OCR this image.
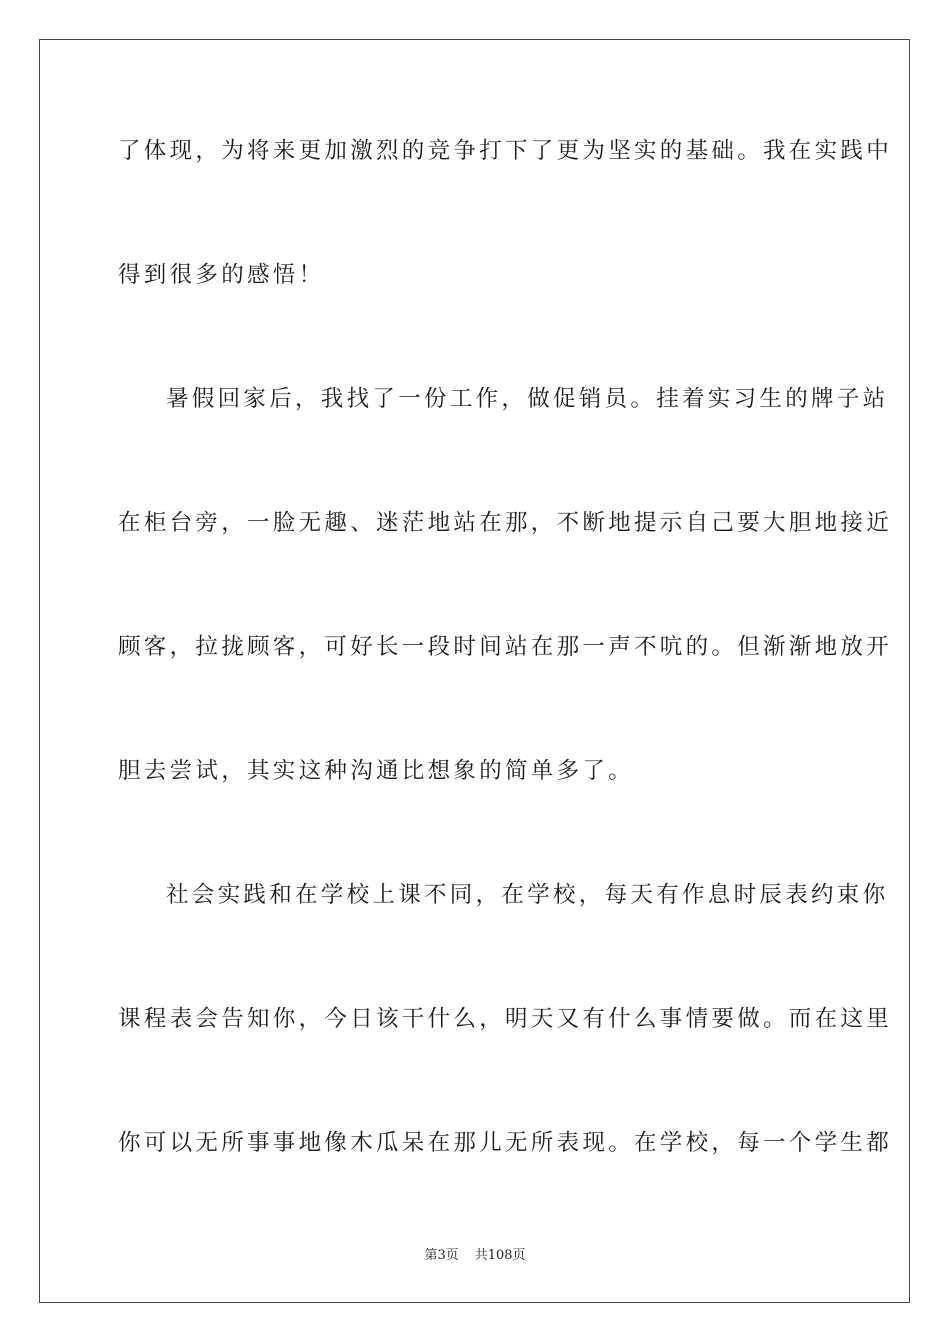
了体现，为将来更加激烈的竞争打下了更为坚实的基础。我在实践中
得到很多的感悟！
暑假回家后，我找了一份工作，做促销员。挂着实习生的牌子站
在柜台旁，一脸无趣、迷茫地站在那，不断地提示自己要大胆地接近
顾客，拉拢顾客，可好长一段时间站在那一声不吭的。但渐渐地放开
胆去尝试，其实这种沟通比想象的简单多了。
社会实践和在学校上课不同，在学校，每天有作息时辰表约束你
课程表会告知你，今日该干什么，明天又有什么事情要做。而在这里
你可以无所事事地像木瓜呆在那儿无所表现。在学校，每一个学生都
第3页 共108页
